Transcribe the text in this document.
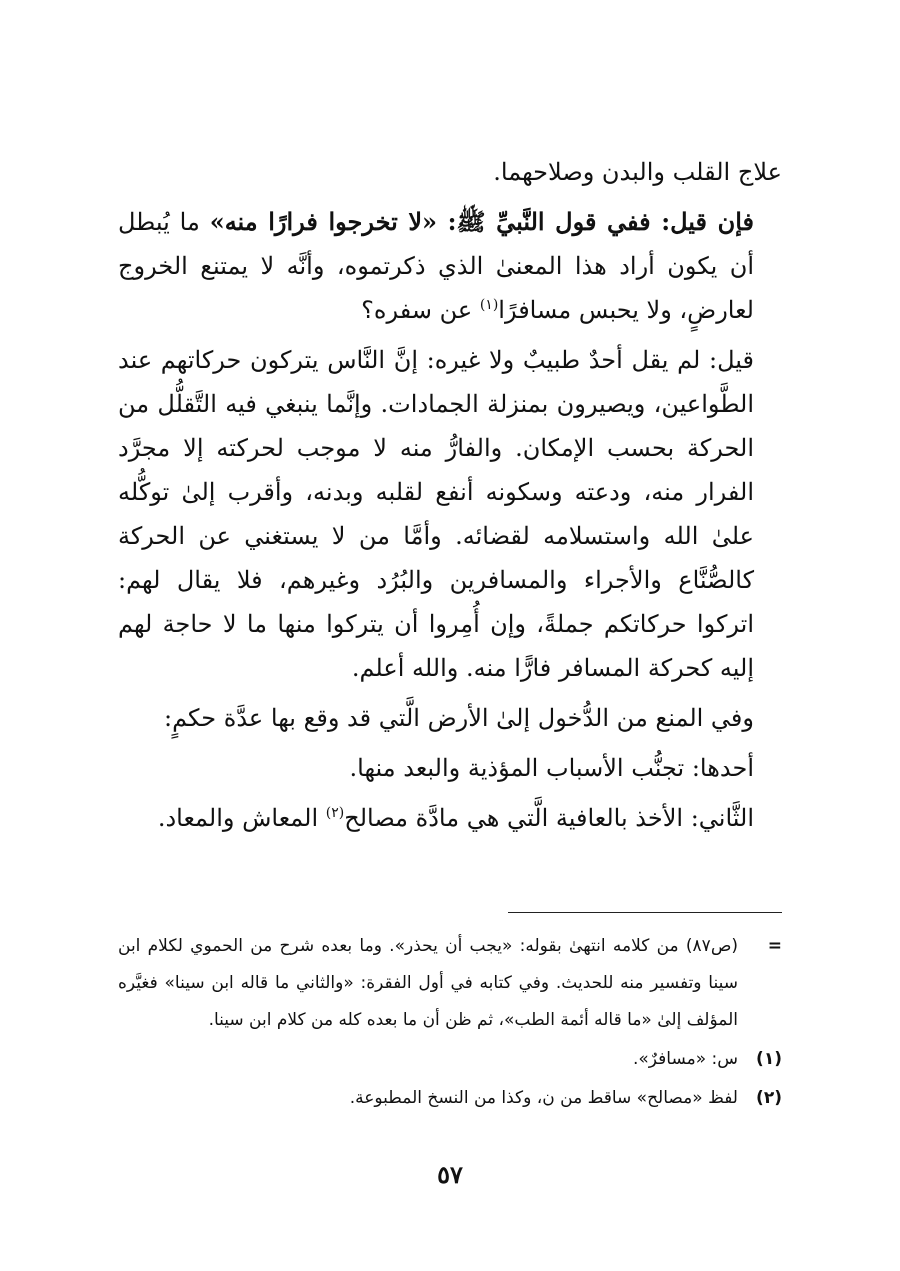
علاج القلب والبدن وصلاحهما.

فإن قيل: ففي قول النَّبيِّ ﷺ: «لا تخرجوا فرارًا منه» ما يُبطل أن يكون أراد هذا المعنىٰ الذي ذكرتموه، وأنَّه لا يمتنع الخروج لعارضٍ، ولا يحبس مسافرًا$^{(١)}$ عن سفره؟

قيل: لم يقل أحدٌ طبيبٌ ولا غيره: إنَّ النَّاس يتركون حركاتهم عند الطَّواعين، ويصيرون بمنزلة الجمادات. وإنَّما ينبغي فيه التَّقلُّل من الحركة بحسب الإمكان. والفارُّ منه لا موجب لحركته إلا مجرَّد الفرار منه، ودعته وسكونه أنفع لقلبه وبدنه، وأقرب إلىٰ توكُّله علىٰ الله واستسلامه لقضائه. وأمَّا من لا يستغني عن الحركة كالصُّنَّاع والأجراء والمسافرين والبُرُد وغيرهم، فلا يقال لهم: اتركوا حركاتكم جملةً، وإن أُمِروا أن يتركوا منها ما لا حاجة لهم إليه كحركة المسافر فارًّا منه. والله أعلم.

وفي المنع من الدُّخول إلىٰ الأرض الَّتي قد وقع بها عدَّة حكمٍ:

أحدها: تجنُّب الأسباب المؤذية والبعد منها.

الثَّاني: الأخذ بالعافية الَّتي هي مادَّة مصالح$^{(٢)}$ المعاش والمعاد.

=
(ص٨٧) من كلامه انتهىٰ بقوله: «يجب أن يحذر». وما بعده شرح من الحموي لكلام ابن سينا وتفسير منه للحديث. وفي كتابه في أول الفقرة: «والثاني ما قاله ابن سينا» فغيَّره المؤلف إلىٰ «ما قاله أئمة الطب»، ثم ظن أن ما بعده كله من كلام ابن سينا.
(١)
س: «مسافرٌ».
(٢)
لفظ «مصالح» ساقط من ن، وكذا من النسخ المطبوعة.
٥٧
